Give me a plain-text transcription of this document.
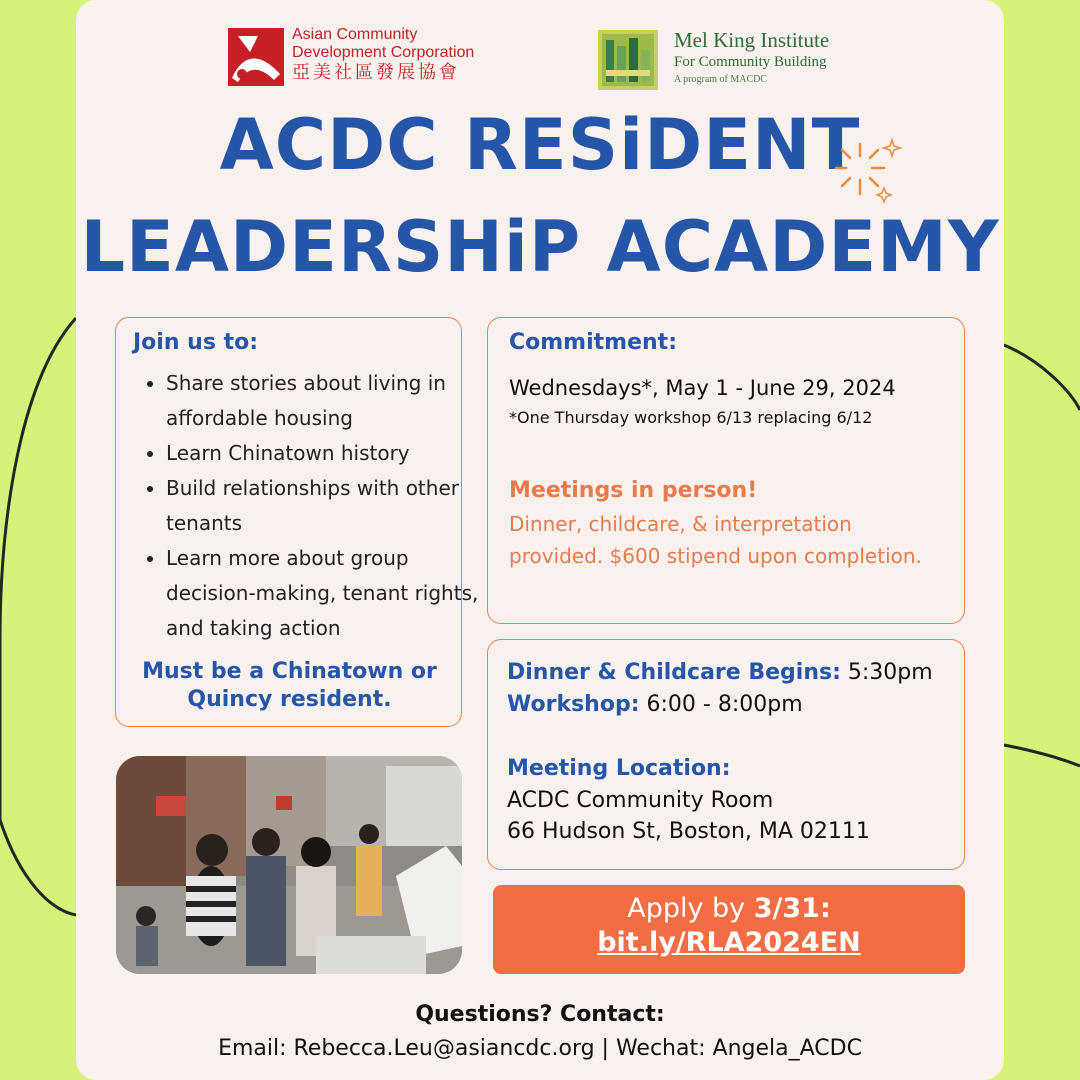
Asian Community
Development Corporation
亞美社區發展協會
Mel King Institute
For Community Building
A program of MACDC
ACDC RESiDENT
LEADERSHiP ACADEMY
Join us to:
• Share stories about living in affordable housing
• Learn Chinatown history
• Build relationships with other tenants
• Learn more about group decision-making, tenant rights, and taking action
Must be a Chinatown or
Quincy resident.
Commitment:
Wednesdays*, May 1 - June 29, 2024
*One Thursday workshop 6/13 replacing 6/12
Meetings in person!
Dinner, childcare, & interpretation provided. $600 stipend upon completion.
Dinner & Childcare Begins: 5:30pm
Workshop: 6:00 - 8:00pm
Meeting Location:
ACDC Community Room
66 Hudson St, Boston, MA 02111
Apply by 3/31:
bit.ly/RLA2024EN
Questions? Contact:
Email: Rebecca.Leu@asiancdc.org | Wechat: Angela_ACDC
